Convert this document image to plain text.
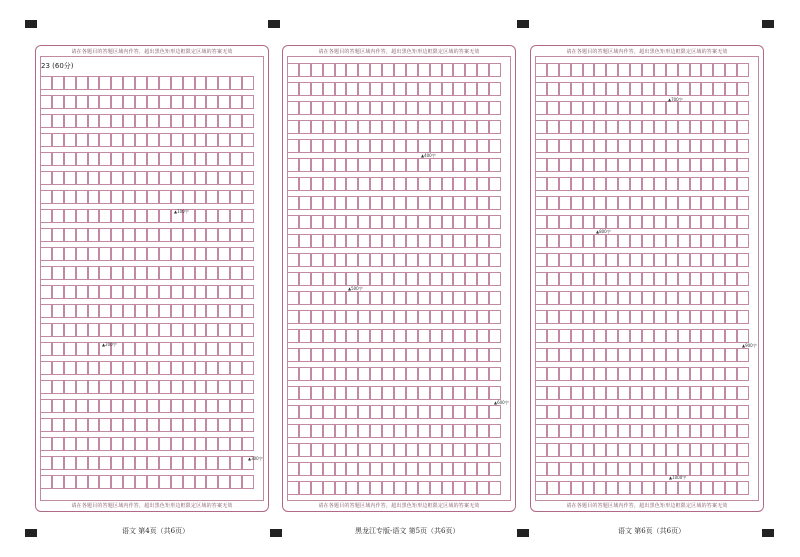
请在各题目的答题区域内作答，超出黑色矩形边框限定区域的答案无效
23 (60分)
▲100字
▲200字
▲300字
请在各题目的答题区域内作答，超出黑色矩形边框限定区域的答案无效
请在各题目的答题区域内作答，超出黑色矩形边框限定区域的答案无效
▲400字
▲500字
▲600字
请在各题目的答题区域内作答，超出黑色矩形边框限定区域的答案无效
请在各题目的答题区域内作答，超出黑色矩形边框限定区域的答案无效
▲700字
▲800字
▲900字
▲1000字
请在各题目的答题区域内作答，超出黑色矩形边框限定区域的答案无效
语文 第4页（共6页）	黑龙江专版-语文 第5页（共6页）	语文 第6页（共6页）
